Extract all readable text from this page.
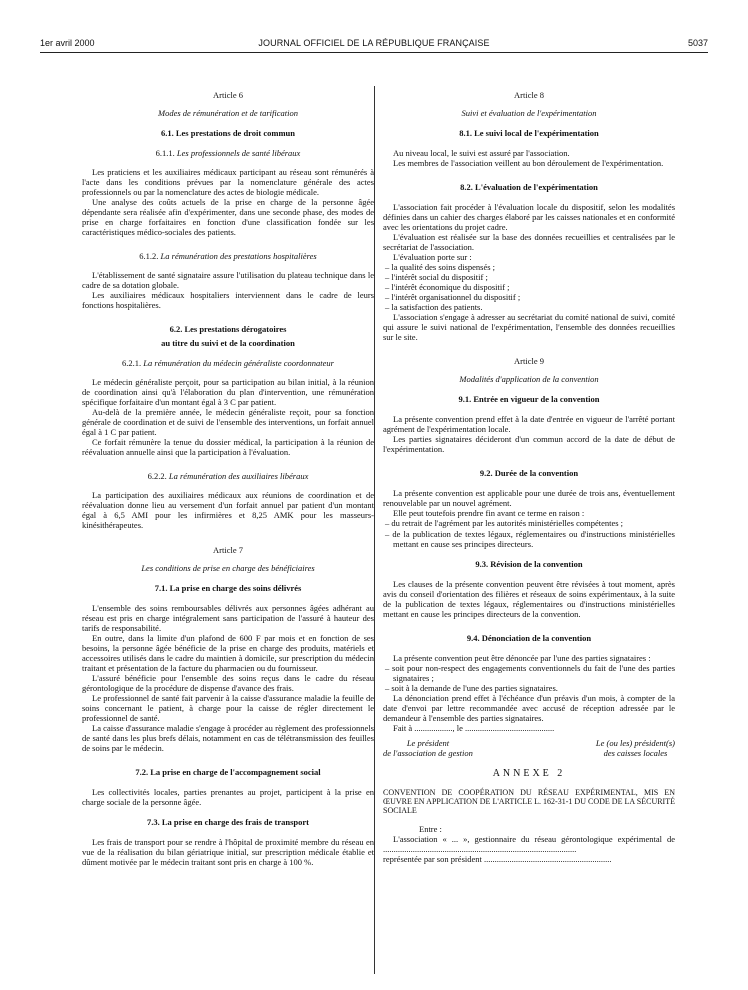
1er avril 2000	JOURNAL OFFICIEL DE LA RÉPUBLIQUE FRANÇAISE	5037
Article 6
Modes de rémunération et de tarification
6.1. Les prestations de droit commun
6.1.1. Les professionnels de santé libéraux

Les praticiens et les auxiliaires médicaux participant au réseau sont rémunérés à l'acte dans les conditions prévues par la nomenclature générale des actes professionnels ou par la nomenclature des actes de biologie médicale.

Une analyse des coûts actuels de la prise en charge de la personne âgée dépendante sera réalisée afin d'expérimenter, dans une seconde phase, des modes de prise en charge forfaitaires en fonction d'une classification fondée sur les caractéristiques médico-sociales des patients.

6.1.2. La rémunération des prestations hospitalières

L'établissement de santé signataire assure l'utilisation du plateau technique dans le cadre de sa dotation globale.

Les auxiliaires médicaux hospitaliers interviennent dans le cadre de leurs fonctions hospitalières.

6.2. Les prestations dérogatoires
au titre du suivi et de la coordination
6.2.1. La rémunération du médecin généraliste coordonnateur

Le médecin généraliste perçoit, pour sa participation au bilan initial, à la réunion de coordination ainsi qu'à l'élaboration du plan d'intervention, une rémunération spécifique forfaitaire d'un montant égal à 3 C par patient.

Au-delà de la première année, le médecin généraliste reçoit, pour sa fonction générale de coordination et de suivi de l'ensemble des interventions, un forfait annuel égal à 1 C par patient.

Ce forfait rémunère la tenue du dossier médical, la participation à la réunion de réévaluation annuelle ainsi que la participation à l'évaluation.

6.2.2. La rémunération des auxiliaires libéraux

La participation des auxiliaires médicaux aux réunions de coordination et de réévaluation donne lieu au versement d'un forfait annuel par patient d'un montant égal à 6,5 AMI pour les infirmières et 8,25 AMK pour les masseurs-kinésithérapeutes.

Article 7
Les conditions de prise en charge des bénéficiaires
7.1. La prise en charge des soins délivrés

L'ensemble des soins remboursables délivrés aux personnes âgées adhérant au réseau est pris en charge intégralement sans participation de l'assuré à hauteur des tarifs de responsabilité.

En outre, dans la limite d'un plafond de 600 F par mois et en fonction de ses besoins, la personne âgée bénéficie de la prise en charge des produits, matériels et accessoires utilisés dans le cadre du maintien à domicile, sur prescription du médecin traitant et présentation de la facture du pharmacien ou du fournisseur.

L'assuré bénéficie pour l'ensemble des soins reçus dans le cadre du réseau gérontologique de la procédure de dispense d'avance des frais.

Le professionnel de santé fait parvenir à la caisse d'assurance maladie la feuille de soins concernant le patient, à charge pour la caisse de régler directement le professionnel de santé.

La caisse d'assurance maladie s'engage à procéder au règlement des professionnels de santé dans les plus brefs délais, notamment en cas de télétransmission des feuilles de soins par le médecin.

7.2. La prise en charge de l'accompagnement social

Les collectivités locales, parties prenantes au projet, participent à la prise en charge sociale de la personne âgée.

7.3. La prise en charge des frais de transport

Les frais de transport pour se rendre à l'hôpital de proximité membre du réseau en vue de la réalisation du bilan gériatrique initial, sur prescription médicale établie et dûment motivée par le médecin traitant sont pris en charge à 100 %.

Article 8
Suivi et évaluation de l'expérimentation
8.1. Le suivi local de l'expérimentation

Au niveau local, le suivi est assuré par l'association.

Les membres de l'association veillent au bon déroulement de l'expérimentation.

8.2. L'évaluation de l'expérimentation

L'association fait procéder à l'évaluation locale du dispositif, selon les modalités définies dans un cahier des charges élaboré par les caisses nationales et en conformité avec les orientations du projet cadre.

L'évaluation est réalisée sur la base des données recueillies et centralisées par le secrétariat de l'association.

L'évaluation porte sur :

– la qualité des soins dispensés ;
– l'intérêt social du dispositif ;
– l'intérêt économique du dispositif ;
– l'intérêt organisationnel du dispositif ;
– la satisfaction des patients.

L'association s'engage à adresser au secrétariat du comité national de suivi, comité qui assure le suivi national de l'expérimentation, l'ensemble des données recueillies sur le site.

Article 9
Modalités d'application de la convention
9.1. Entrée en vigueur de la convention

La présente convention prend effet à la date d'entrée en vigueur de l'arrêté portant agrément de l'expérimentation locale.

Les parties signataires décideront d'un commun accord de la date de début de l'expérimentation.

9.2. Durée de la convention

La présente convention est applicable pour une durée de trois ans, éventuellement renouvelable par un nouvel agrément.

Elle peut toutefois prendre fin avant ce terme en raison :

– du retrait de l'agrément par les autorités ministérielles compétentes ;
– de la publication de textes légaux, réglementaires ou d'instructions ministérielles mettant en cause ses principes directeurs.
9.3. Révision de la convention

Les clauses de la présente convention peuvent être révisées à tout moment, après avis du conseil d'orientation des filières et réseaux de soins expérimentaux, à la suite de la publication de textes légaux, réglementaires ou d'instructions ministérielles mettant en cause les principes directeurs de la convention.

9.4. Dénonciation de la convention

La présente convention peut être dénoncée par l'une des parties signataires :

– soit pour non-respect des engagements conventionnels du fait de l'une des parties signataires ;
– soit à la demande de l'une des parties signataires.

La dénonciation prend effet à l'échéance d'un préavis d'un mois, à compter de la date d'envoi par lettre recommandée avec accusé de réception adressée par le demandeur à l'ensemble des parties signataires.

Fait à .................., le ..........................................

Le président
de l'association de gestion
Le (ou les) président(s)
des caisses locales
ANNEXE 2
CONVENTION DE COOPÉRATION DU RÉSEAU EXPÉRIMENTAL, MIS EN ŒUVRE EN APPLICATION DE L'ARTICLE L. 162-31-1 DU CODE DE LA SÉCURITÉ SOCIALE

Entre :

L'association « ... », gestionnaire du réseau gérontologique expérimental de ...........................................................................................

représentée par son président ............................................................
